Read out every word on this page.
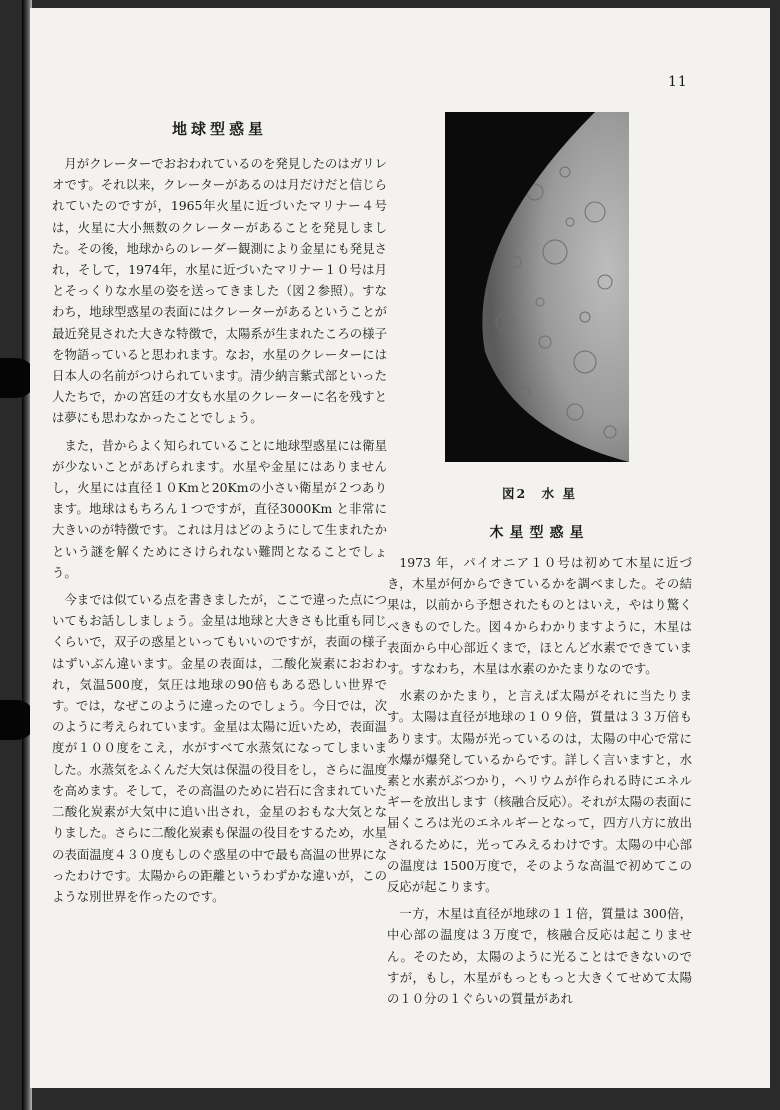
11
地球型惑星

月がクレーターでおおわれているのを発見したのはガリレオです。それ以来，クレーターがあるのは月だけだと信じられていたのですが，1965年火星に近づいたマリナー４号は，火星に大小無数のクレーターがあることを発見しました。その後，地球からのレーダー観測により金星にも発見され，そして，1974年，水星に近づいたマリナー１０号は月とそっくりな水星の姿を送ってきました（図２参照）。すなわち，地球型惑星の表面にはクレーターがあるということが最近発見された大きな特徴で，太陽系が生まれたころの様子を物語っていると思われます。なお，水星のクレーターには日本人の名前がつけられています。清少納言紫式部といった人たちで，かの宮廷の才女も水星のクレーターに名を残すとは夢にも思わなかったことでしょう。

また，昔からよく知られていることに地球型惑星には衛星が少ないことがあげられます。水星や金星にはありませんし，火星には直径１０Kmと20Kmの小さい衛星が２つあります。地球はもちろん１つですが，直径3000Km と非常に大きいのが特徴です。これは月はどのようにして生まれたかという謎を解くためにさけられない難問となることでしょう。

今までは似ている点を書きましたが，ここで違った点についてもお話ししましょう。金星は地球と大きさも比重も同じくらいで，双子の惑星といってもいいのですが，表面の様子はずいぶん違います。金星の表面は，二酸化炭素におおわれ，気温500度，気圧は地球の90倍もある恐しい世界です。では，なぜこのように違ったのでしょう。今日では，次のように考えられています。金星は太陽に近いため，表面温度が１００度をこえ，水がすべて水蒸気になってしまいました。水蒸気をふくんだ大気は保温の役目をし，さらに温度を高めます。そして，その高温のために岩石に含まれていた二酸化炭素が大気中に追い出され，金星のおもな大気となりました。さらに二酸化炭素も保温の役目をするため，水星の表面温度４３０度もしのぐ惑星の中で最も高温の世界になったわけです。太陽からの距離というわずかな違いが，このような別世界を作ったのです。

図2　水 星
木星型惑星

1973 年，パイオニア１０号は初めて木星に近づき，木星が何からできているかを調べました。その結果は，以前から予想されたものとはいえ，やはり驚くべきものでした。図４からわかりますように，木星は表面から中心部近くまで，ほとんど水素でできています。すなわち，木星は水素のかたまりなのです。

水素のかたまり，と言えば太陽がそれに当たります。太陽は直径が地球の１０９倍，質量は３３万倍もあります。太陽が光っているのは，太陽の中心で常に水爆が爆発しているからです。詳しく言いますと，水素と水素がぶつかり，ヘリウムが作られる時にエネルギーを放出します（核融合反応）。それが太陽の表面に届くころは光のエネルギーとなって，四方八方に放出されるために，光ってみえるわけです。太陽の中心部の温度は 1500万度で，そのような高温で初めてこの反応が起こります。

一方，木星は直径が地球の１１倍，質量は 300倍，中心部の温度は３万度で，核融合反応は起こりません。そのため，太陽のように光ることはできないのですが，もし，木星がもっともっと大きくてせめて太陽の１０分の１ぐらいの質量があれ
